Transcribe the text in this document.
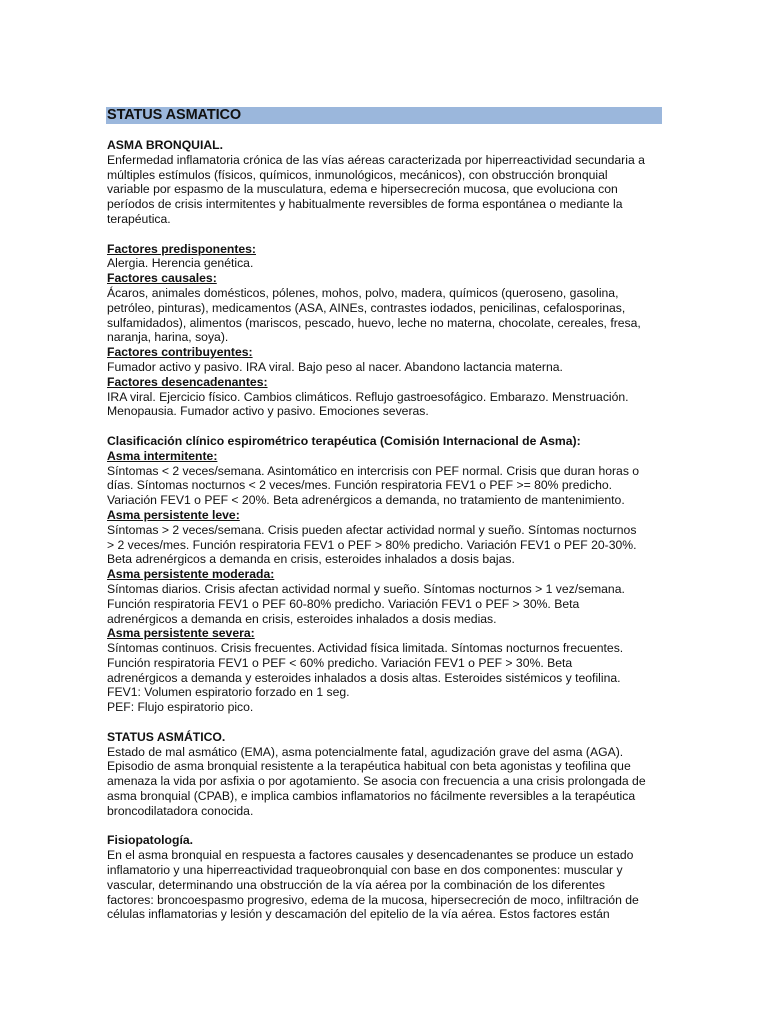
STATUS ASMATICO

ASMA BRONQUIAL.

Enfermedad inflamatoria crónica de las vías aéreas caracterizada por hiperreactividad secundaria a

múltiples estímulos (físicos, químicos, inmunológicos, mecánicos), con obstrucción bronquial

variable por espasmo de la musculatura, edema e hipersecreción mucosa, que evoluciona con

períodos de crisis intermitentes y habitualmente reversibles de forma espontánea o mediante la

terapéutica.

Factores predisponentes:

Alergia. Herencia genética.

Factores causales:

Ácaros, animales domésticos, pólenes, mohos, polvo, madera, químicos (queroseno, gasolina,

petróleo, pinturas), medicamentos (ASA, AINEs, contrastes iodados, penicilinas, cefalosporinas,

sulfamidados), alimentos (mariscos, pescado, huevo, leche no materna, chocolate, cereales, fresa,

naranja, harina, soya).

Factores contribuyentes:

Fumador activo y pasivo. IRA viral. Bajo peso al nacer. Abandono lactancia materna.

Factores desencadenantes:

IRA viral. Ejercicio físico. Cambios climáticos. Reflujo gastroesofágico. Embarazo. Menstruación.

Menopausia. Fumador activo y pasivo. Emociones severas.

Clasificación clínico espirométrico terapéutica (Comisión Internacional de Asma):

Asma intermitente:

Síntomas < 2 veces/semana. Asintomático en intercrisis con PEF normal. Crisis que duran horas o

días. Síntomas nocturnos < 2 veces/mes. Función respiratoria FEV1 o PEF >= 80% predicho.

Variación FEV1 o PEF < 20%. Beta adrenérgicos a demanda, no tratamiento de mantenimiento.

Asma persistente leve:

Síntomas > 2 veces/semana. Crisis pueden afectar actividad normal y sueño. Síntomas nocturnos

> 2 veces/mes. Función respiratoria FEV1 o PEF > 80% predicho. Variación FEV1 o PEF 20-30%.

Beta adrenérgicos a demanda en crisis, esteroides inhalados a dosis bajas.

Asma persistente moderada:

Síntomas diarios. Crisis afectan actividad normal y sueño. Síntomas nocturnos > 1 vez/semana.

Función respiratoria FEV1 o PEF 60-80% predicho. Variación FEV1 o PEF > 30%. Beta

adrenérgicos a demanda en crisis, esteroides inhalados a dosis medias.

Asma persistente severa:

Síntomas continuos. Crisis frecuentes. Actividad física limitada. Síntomas nocturnos frecuentes.

Función respiratoria FEV1 o PEF < 60% predicho. Variación FEV1 o PEF > 30%. Beta

adrenérgicos a demanda y esteroides inhalados a dosis altas. Esteroides sistémicos y teofilina.

FEV1: Volumen espiratorio forzado en 1 seg.

PEF: Flujo espiratorio pico.

STATUS ASMÁTICO.

Estado de mal asmático (EMA), asma potencialmente fatal, agudización grave del asma (AGA).

Episodio de asma bronquial resistente a la terapéutica habitual con beta agonistas y teofilina que

amenaza la vida por asfixia o por agotamiento. Se asocia con frecuencia a una crisis prolongada de

asma bronquial (CPAB), e implica cambios inflamatorios no fácilmente reversibles a la terapéutica

broncodilatadora conocida.

Fisiopatología.

En el asma bronquial en respuesta a factores causales y desencadenantes se produce un estado

inflamatorio y una hiperreactividad traqueobronquial con base en dos componentes: muscular y

vascular, determinando una obstrucción de la vía aérea por la combinación de los diferentes

factores: broncoespasmo progresivo, edema de la mucosa, hipersecreción de moco, infiltración de

células inflamatorias y lesión y descamación del epitelio de la vía aérea. Estos factores están
